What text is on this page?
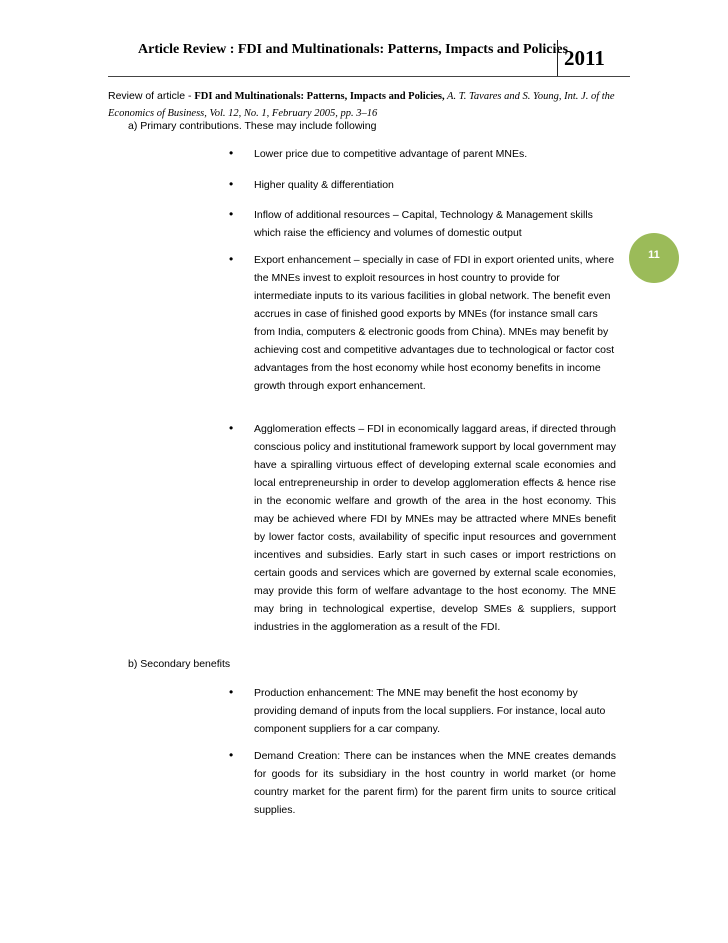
Article Review : FDI and Multinationals: Patterns, Impacts and Policies
2011
11
Review of article - FDI and Multinationals: Patterns, Impacts and Policies, A. T. Tavares and S. Young, Int. J. of the Economics of Business, Vol. 12, No. 1, February 2005, pp. 3–16
a) Primary contributions. These may include following
• Lower price due to competitive advantage of parent MNEs.
• Higher quality & differentiation
• Inflow of additional resources – Capital, Technology & Management skills which raise the efficiency and volumes of domestic output
• Export enhancement – specially in case of FDI in export oriented units, where the MNEs invest to exploit resources in host country to provide for intermediate inputs to its various facilities in global network. The benefit even accrues in case of finished good exports by MNEs (for instance small cars from India, computers & electronic goods from China). MNEs may benefit by achieving cost and competitive advantages due to technological or factor cost advantages from the host economy while host economy benefits in income growth through export enhancement.
• Agglomeration effects – FDI in economically laggard areas, if directed through conscious policy and institutional framework support by local government may have a spiralling virtuous effect of developing external scale economies and local entrepreneurship in order to develop agglomeration effects & hence rise in the economic welfare and growth of the area in the host economy. This may be achieved where FDI by MNEs may be attracted where MNEs benefit by lower factor costs, availability of specific input resources and government incentives and subsidies. Early start in such cases or import restrictions on certain goods and services which are governed by external scale economies, may provide this form of welfare advantage to the host economy. The MNE may bring in technological expertise, develop SMEs & suppliers, support industries in the agglomeration as a result of the FDI.
b) Secondary benefits
• Production enhancement: The MNE may benefit the host economy by providing demand of inputs from the local suppliers. For instance, local auto component suppliers for a car company.
• Demand Creation: There can be instances when the MNE creates demands for goods for its subsidiary in the host country in world market (or home country market for the parent firm) for the parent firm units to source critical supplies.
